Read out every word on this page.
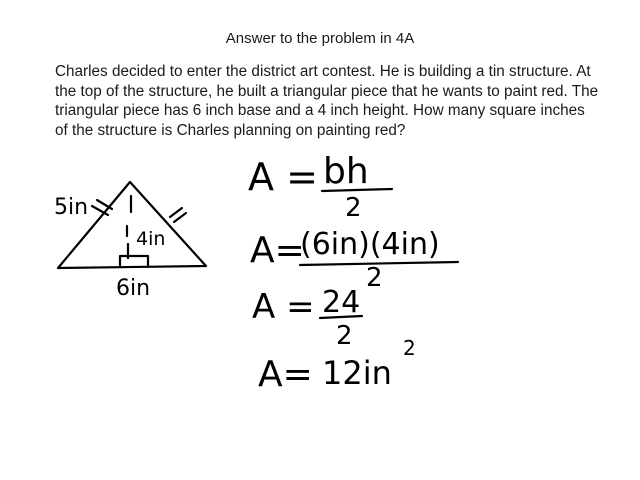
Answer to the problem in 4A
Charles decided to enter the district art contest. He is building a tin structure. At the top of the structure, he built a triangular piece that he wants to paint red. The triangular piece has 6 inch base and a 4 inch height. How many square inches of the structure is Charles planning on painting red?
5in
4in
6in
A = bh
2
A=
(6in)(4in)
2
A = 24
2
A= 12in
2
